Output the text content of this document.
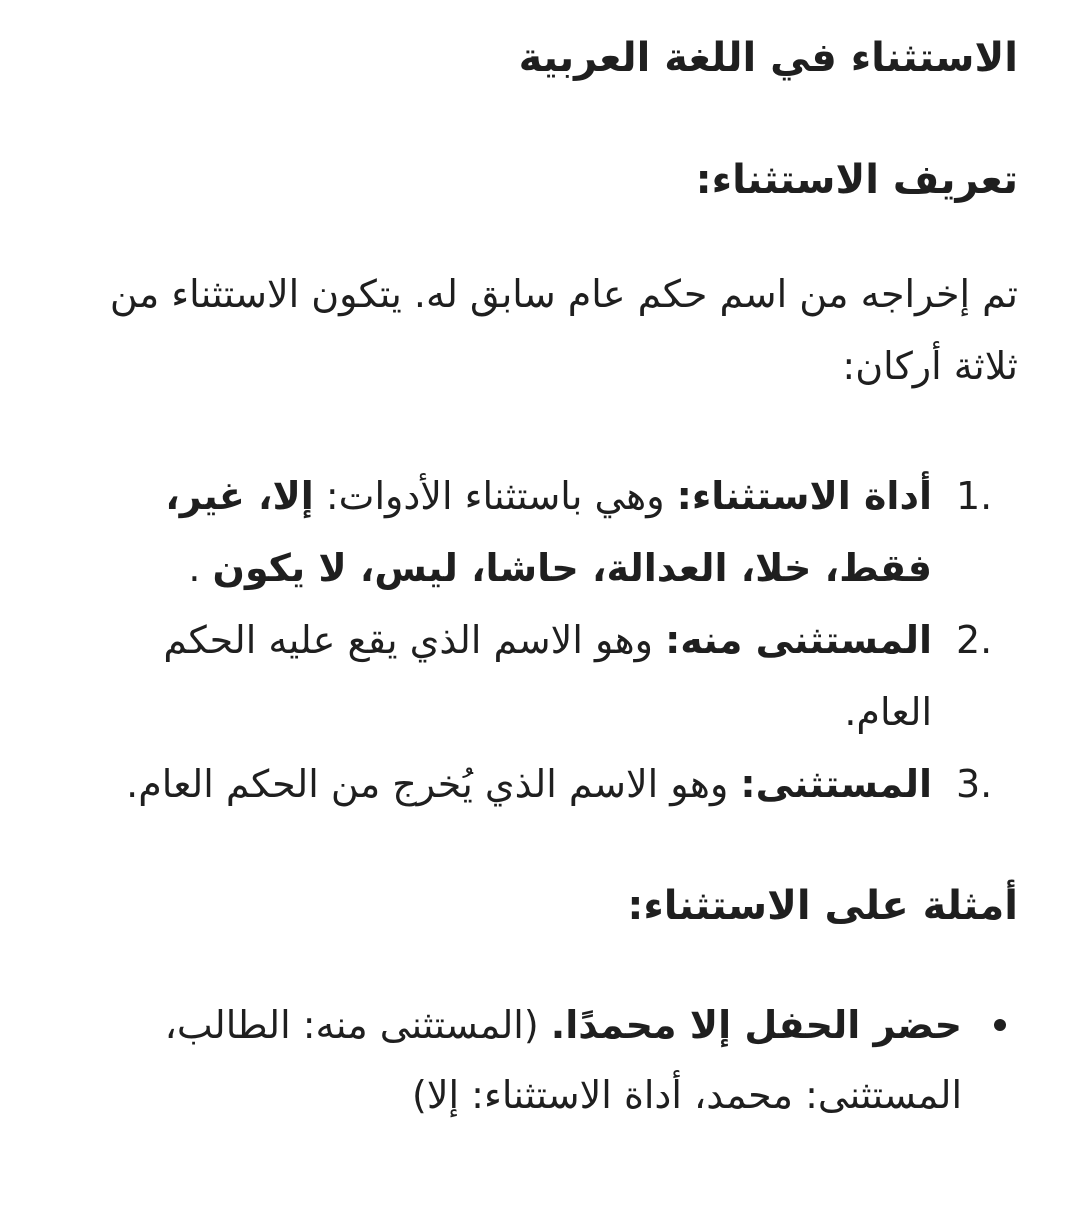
الاستثناء في اللغة العربية
تعريف الاستثناء:

تم إخراجه من اسم حكم عام سابق له. يتكون الاستثناء من ثلاثة أركان:

1.
أداة الاستثناء: وهي باستثناء الأدوات: إلا، غير، فقط، خلا، العدالة، حاشا، ليس، لا يكون .
2.
المستثنى منه: وهو الاسم الذي يقع عليه الحكم العام.
3.
المستثنى: وهو الاسم الذي يُخرج من الحكم العام.
أمثلة على الاستثناء:
حضر الحفل إلا محمدًا. (المستثنى منه: الطالب، المستثنى: محمد، أداة الاستثناء: إلا)
